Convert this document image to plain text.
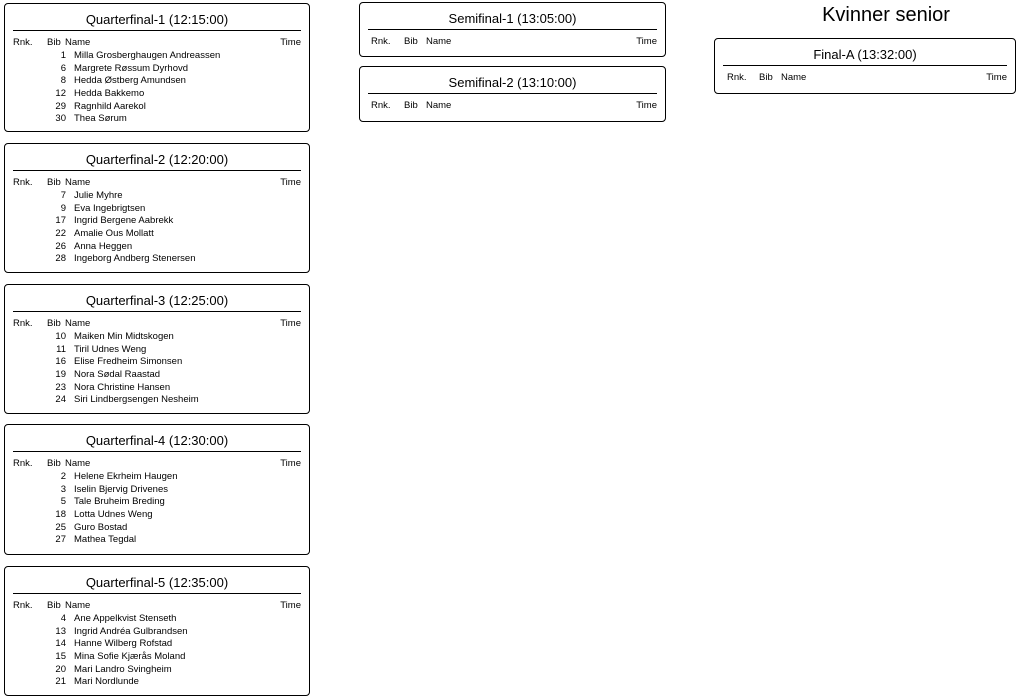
Kvinner senior
Quarterfinal-1 (12:15:00)
Rnk. Bib Name	Time
1 Milla Grosberghaugen Andreassen
6 Margrete Røssum Dyrhovd
8 Hedda Østberg Amundsen
12 Hedda Bakkemo
29 Ragnhild Aarekol
30 Thea Sørum
Quarterfinal-2 (12:20:00)
Rnk. Bib Name	Time
7 Julie Myhre
9 Eva Ingebrigtsen
17 Ingrid Bergene Aabrekk
22 Amalie Ous Mollatt
26 Anna Heggen
28 Ingeborg Andberg Stenersen
Quarterfinal-3 (12:25:00)
Rnk. Bib Name	Time
10 Maiken Min Midtskogen
11 Tiril Udnes Weng
16 Elise Fredheim Simonsen
19 Nora Sødal Raastad
23 Nora Christine Hansen
24 Siri Lindbergsengen Nesheim
Quarterfinal-4 (12:30:00)
Rnk. Bib Name	Time
2 Helene Ekrheim Haugen
3 Iselin Bjervig Drivenes
5 Tale Bruheim Breding
18 Lotta Udnes Weng
25 Guro Bostad
27 Mathea Tegdal
Quarterfinal-5 (12:35:00)
Rnk. Bib Name	Time
4 Ane Appelkvist Stenseth
13 Ingrid Andréa Gulbrandsen
14 Hanne Wilberg Rofstad
15 Mina Sofie Kjærås Moland
20 Mari Landro Svingheim
21 Mari Nordlunde
Semifinal-1 (13:05:00)
Rnk. Bib Name	Time
Semifinal-2 (13:10:00)
Rnk. Bib Name	Time
Final-A (13:32:00)
Rnk. Bib Name	Time
